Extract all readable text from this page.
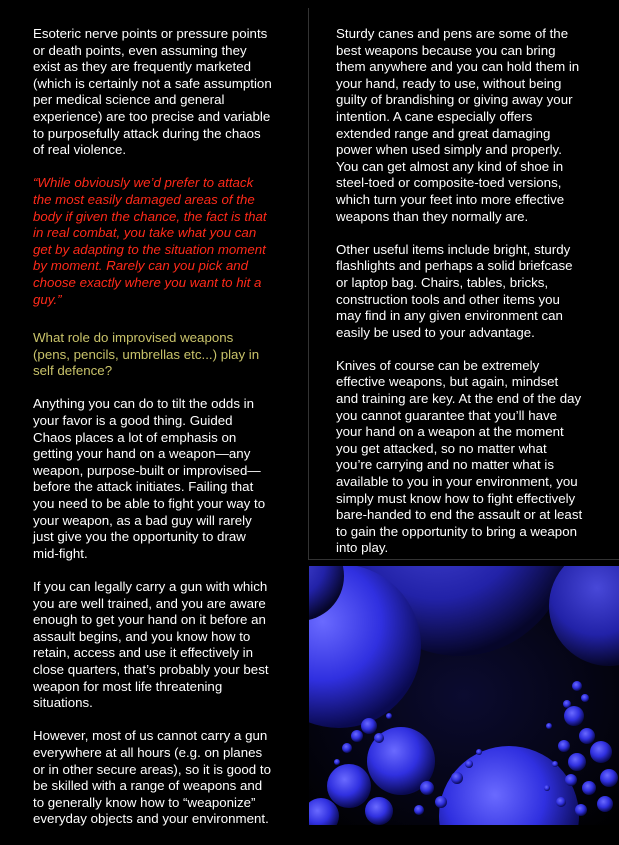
Esoteric nerve points or pressure points or death points, even assuming they exist as they are frequently marketed (which is certainly not a safe assumption per medical science and general experience) are too precise and variable to purposefully attack during the chaos of real violence.

“While obviously we’d prefer to attack the most easily damaged areas of the body if given the chance, the fact is that in real combat, you take what you can get by adapting to the situation moment by moment. Rarely can you pick and choose exactly where you want to hit a guy.”

What role do improvised weapons (pens, pencils, umbrellas etc...) play in self defence?

Anything you can do to tilt the odds in your favor is a good thing. Guided Chaos places a lot of emphasis on getting your hand on a weapon—any weapon, purpose-built or improvised—before the attack initiates. Failing that you need to be able to fight your way to your weapon, as a bad guy will rarely just give you the opportunity to draw mid-fight.

If you can legally carry a gun with which you are well trained, and you are aware enough to get your hand on it before an assault begins, and you know how to retain, access and use it effectively in close quarters, that’s probably your best weapon for most life threatening situations.

However, most of us cannot carry a gun everywhere at all hours (e.g. on planes or in other secure areas), so it is good to be skilled with a range of weapons and to generally know how to “weaponize” everyday objects and your environment.

Sturdy canes and pens are some of the best weapons because you can bring them anywhere and you can hold them in your hand, ready to use, without being guilty of brandishing or giving away your intention. A cane especially offers extended range and great damaging power when used simply and properly. You can get almost any kind of shoe in steel-toed or composite-toed versions, which turn your feet into more effective weapons than they normally are.

Other useful items include bright, sturdy flashlights and perhaps a solid briefcase or laptop bag. Chairs, tables, bricks, construction tools and other items you may find in any given environment can easily be used to your advantage.

Knives of course can be extremely effective weapons, but again, mindset and training are key. At the end of the day you cannot guarantee that you’ll have your hand on a weapon at the moment you get attacked, so no matter what you’re carrying and no matter what is available to you in your environment, you simply must know how to fight effectively bare-handed to end the assault or at least to gain the opportunity to bring a weapon into play.
